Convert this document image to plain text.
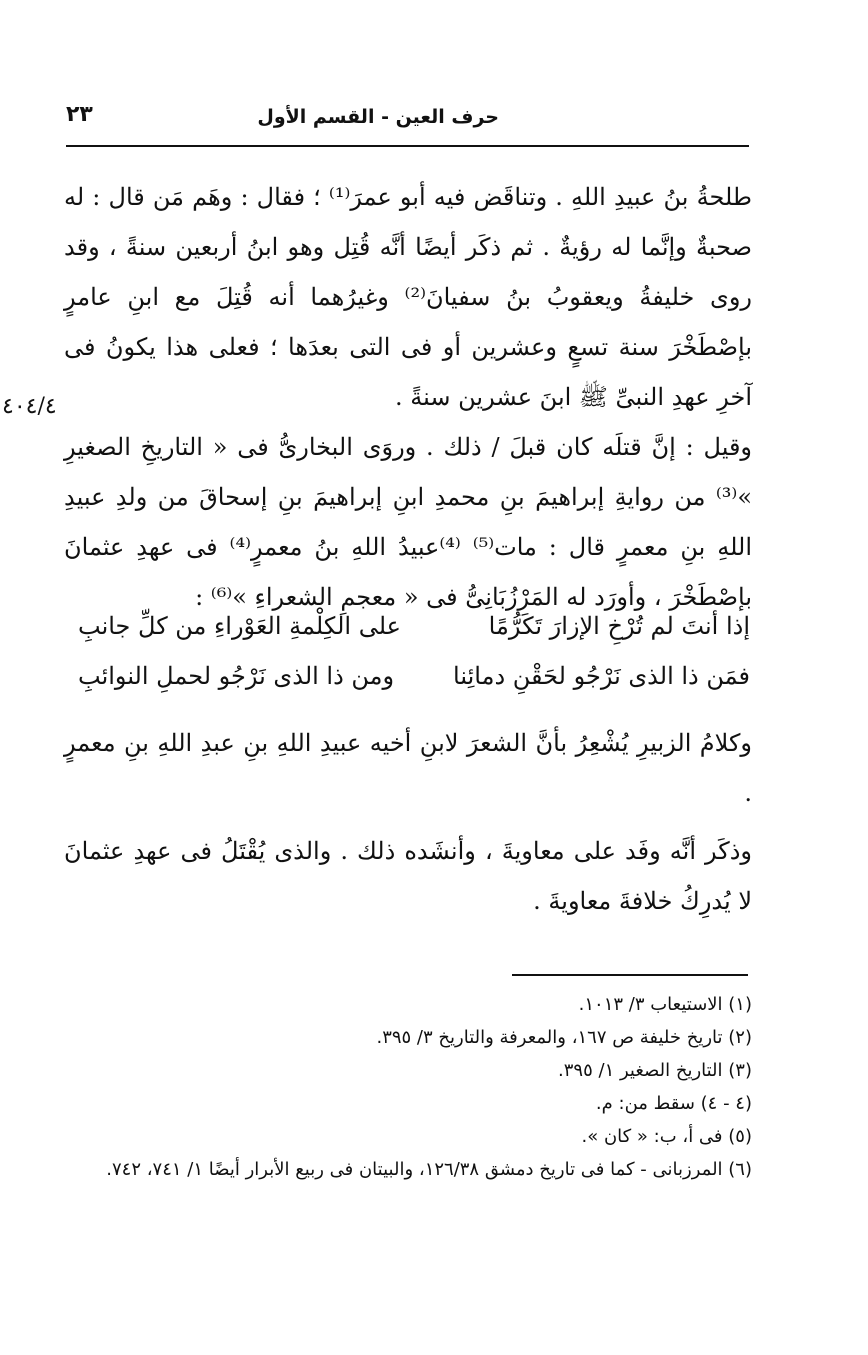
حرف العين - القسم الأول
٢٣
٤٠٤/٤

طلحةُ بنُ عبيدِ اللهِ . وتناقَض فيه أبو عمرَ⁽¹⁾ ؛ فقال : وهَم مَن قال : له صحبةٌ وإنَّما له رؤيةٌ . ثم ذكَر أيضًا أنَّه قُتِل وهو ابنُ أربعين سنةً ، وقد روى خليفةُ ويعقوبُ بنُ سفيانَ⁽²⁾ وغيرُهما أنه قُتِلَ مع ابنِ عامرٍ بإصْطَخْرَ سنة تسعٍ وعشرين أو فى التى بعدَها ؛ فعلى هذا يكونُ فى آخرِ عهدِ النبىِّ ﷺ ابنَ عشرين سنةً .

وقيل : إنَّ قتلَه كان قبلَ / ذلك . وروَى البخارىُّ فى « التاريخِ الصغيرِ »⁽³⁾ من روايةِ إبراهيمَ بنِ محمدِ ابنِ إبراهيمَ بنِ إسحاقَ من ولدِ عبيدِ اللهِ بنِ معمرٍ قال : مات⁽⁵⁾ ⁽⁴⁾عبيدُ اللهِ بنُ معمرٍ⁽⁴⁾ فى عهدِ عثمانَ بإصْطَخْرَ ، وأورَد له المَرْزُبَانِىُّ فى « معجمِ الشعراءِ »⁽⁶⁾ :

إذا أنتَ لم تُرْخِ الإزارَ تَكَرُّمًا
على الكِلْمةِ العَوْراءِ من كلِّ جانبِ
فمَن ذا الذى نَرْجُو لحَقْنِ دمائِنا
ومن ذا الذى نَرْجُو لحملِ النوائبِ

وكلامُ الزبيرِ يُشْعِرُ بأنَّ الشعرَ لابنِ أخيه عبيدِ اللهِ بنِ عبدِ اللهِ بنِ معمرٍ .

وذكَر أنَّه وفَد على معاويةَ ، وأنشَده ذلك . والذى يُقْتَلُ فى عهدِ عثمانَ لا يُدرِكُ خلافةَ معاويةَ .

(١) الاستيعاب ٣/ ١٠١٣.

(٢) تاريخ خليفة ص ١٦٧، والمعرفة والتاريخ ٣/ ٣٩٥.

(٣) التاريخ الصغير ١/ ٣٩٥.

(٤ - ٤) سقط من: م.

(٥) فى أ، ب: « كان ».

(٦) المرزبانى - كما فى تاريخ دمشق ١٢٦/٣٨، والبيتان فى ربيع الأبرار أيضًا ١/ ٧٤١، ٧٤٢.
